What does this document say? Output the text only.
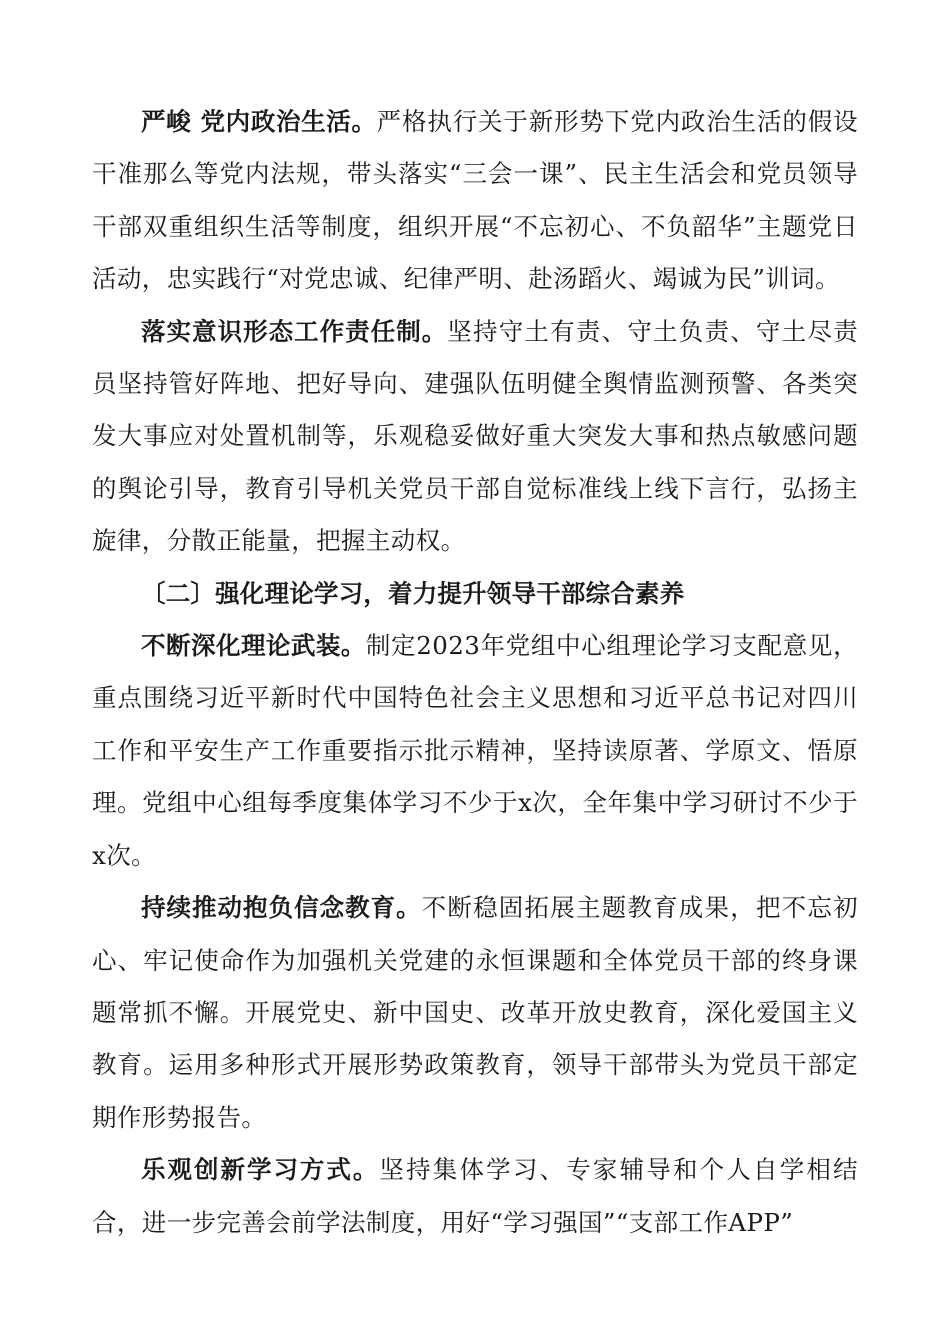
严峻 党内政治生活。严格执行关于新形势下党内政治生活的假设干准那么等党内法规，带头落实“三会一课”、民主生活会和党员领导干部双重组织生活等制度，组织开展“不忘初心、不负韶华”主题党日活动，忠实践行“对党忠诚、纪律严明、赴汤蹈火、竭诚为民”训词。

落实意识形态工作责任制。坚持守土有责、守土负责、守土尽责员坚持管好阵地、把好导向、建强队伍明健全舆情监测预警、各类突发大事应对处置机制等，乐观稳妥做好重大突发大事和热点敏感问题的舆论引导，教育引导机关党员干部自觉标准线上线下言行，弘扬主旋律，分散正能量，把握主动权。

〔二〕强化理论学习，着力提升领导干部综合素养

不断深化理论武装。制定2023年党组中心组理论学习支配意见，重点围绕习近平新时代中国特色社会主义思想和习近平总书记对四川工作和平安生产工作重要指示批示精神，坚持读原著、学原文、悟原理。党组中心组每季度集体学习不少于x次，全年集中学习研讨不少于x次。

持续推动抱负信念教育。不断稳固拓展主题教育成果，把不忘初心、牢记使命作为加强机关党建的永恒课题和全体党员干部的终身课题常抓不懈。开展党史、新中国史、改革开放史教育，深化爱国主义教育。运用多种形式开展形势政策教育，领导干部带头为党员干部定期作形势报告。

乐观创新学习方式。坚持集体学习、专家辅导和个人自学相结合，进一步完善会前学法制度，用好“学习强国”“支部工作APP”
